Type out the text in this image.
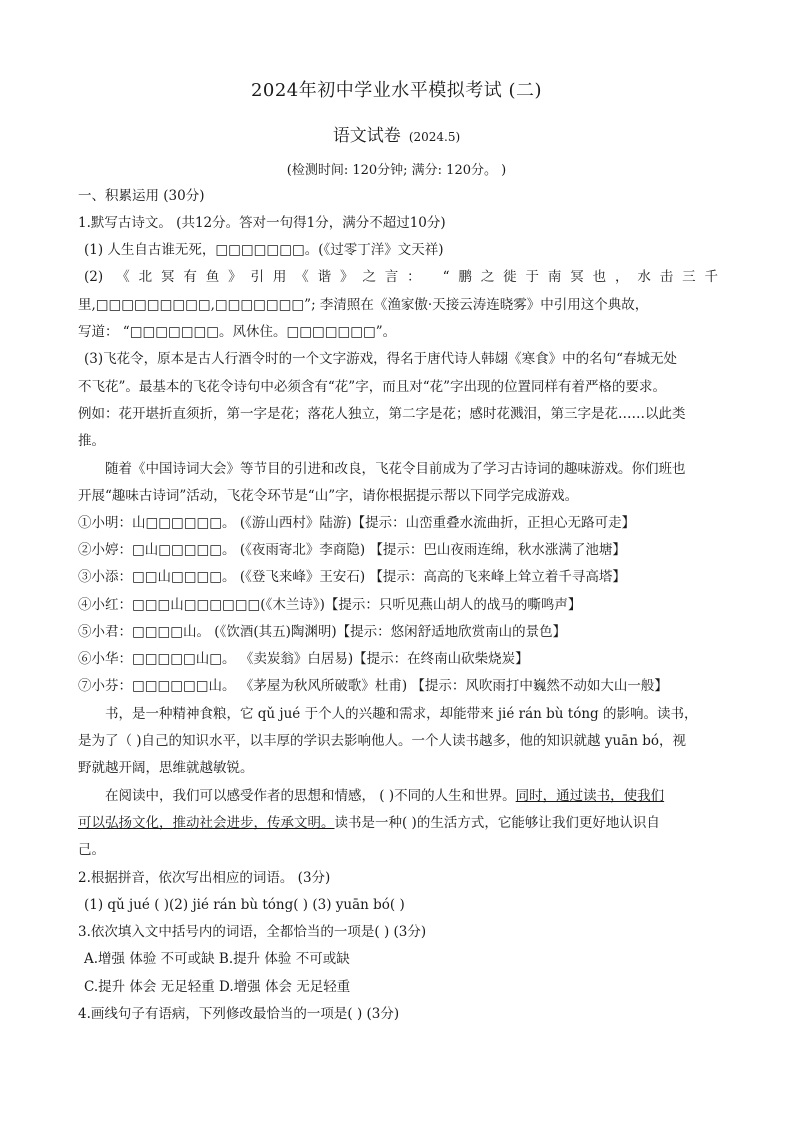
2024年初中学业水平模拟考试 (二)
语文试卷 (2024.5)
(检测时间: 120分钟; 满分: 120分。 )
一、积累运用 (30分)
1.默写古诗文。 (共12分。答对一句得1分，满分不超过10分)
(1) 人生自古谁无死，□□□□□□□。(《过零丁洋》文天祥)
(2) 《北冥有鱼》引用《谐》之言： “鹏之徙于南冥也，水击三千
里,□□□□□□□□□,□□□□□□□”; 李清照在《渔家傲·天接云涛连晓雾》中引用这个典故，
写道： “□□□□□□□。风休住。□□□□□□□”。
(3)飞花令，原本是古人行酒令时的一个文字游戏，得名于唐代诗人韩翃《寒食》中的名句“春城无处
不飞花”。最基本的飞花令诗句中必须含有“花”字，而且对“花”字出现的位置同样有着严格的要求。
例如：花开堪折直须折，第一字是花；落花人独立，第二字是花；感时花溅泪，第三字是花……以此类
推。
随着《中国诗词大会》等节目的引进和改良，飞花令目前成为了学习古诗词的趣味游戏。你们班也
开展“趣味古诗词”活动，飞花令环节是“山”字，请你根据提示帮以下同学完成游戏。
①小明：山□□□□□□。 (《游山西村》陆游)【提示：山峦重叠水流曲折，正担心无路可走】
②小婷：□山□□□□□。 (《夜雨寄北》李商隐) 【提示：巴山夜雨连绵，秋水涨满了池塘】
③小添：□□山□□□□。 (《登飞来峰》王安石) 【提示：高高的飞来峰上耸立着千寻高塔】
④小红：□□□山□□□□□□(《木兰诗》)【提示：只听见燕山胡人的战马的嘶鸣声】
⑤小君：□□□□山。 (《饮酒(其五)陶渊明)【提示：悠闲舒适地欣赏南山的景色】
⑥小华：□□□□□山□。 《卖炭翁》白居易)【提示：在终南山砍柴烧炭】
⑦小芬：□□□□□□山。 《茅屋为秋风所破歌》杜甫) 【提示：风吹雨打中巍然不动如大山一般】
书，是一种精神食粮，它 qǔ jué 于个人的兴趣和需求，却能带来 jié rán bù tóng 的影响。读书，
是为了（ )自己的知识水平，以丰厚的学识去影响他人。一个人读书越多，他的知识就越 yuān bó，视
野就越开阔，思维就越敏锐。
在阅读中，我们可以感受作者的思想和情感， ( )不同的人生和世界。同时，通过读书，使我们
可以弘扬文化，推动社会进步，传承文明。读书是一种( )的生活方式，它能够让我们更好地认识自
己。
2.根据拼音，依次写出相应的词语。 (3分)
(1) qǔ jué ( )(2) jié rán bù tóng( ) (3) yuān bó( )
3.依次填入文中括号内的词语，全都恰当的一项是( ) (3分)
A.增强 体验 不可或缺 B.提升 体验 不可或缺
C.提升 体会 无足轻重 D.增强 体会 无足轻重
4.画线句子有语病，下列修改最恰当的一项是( ) (3分)
